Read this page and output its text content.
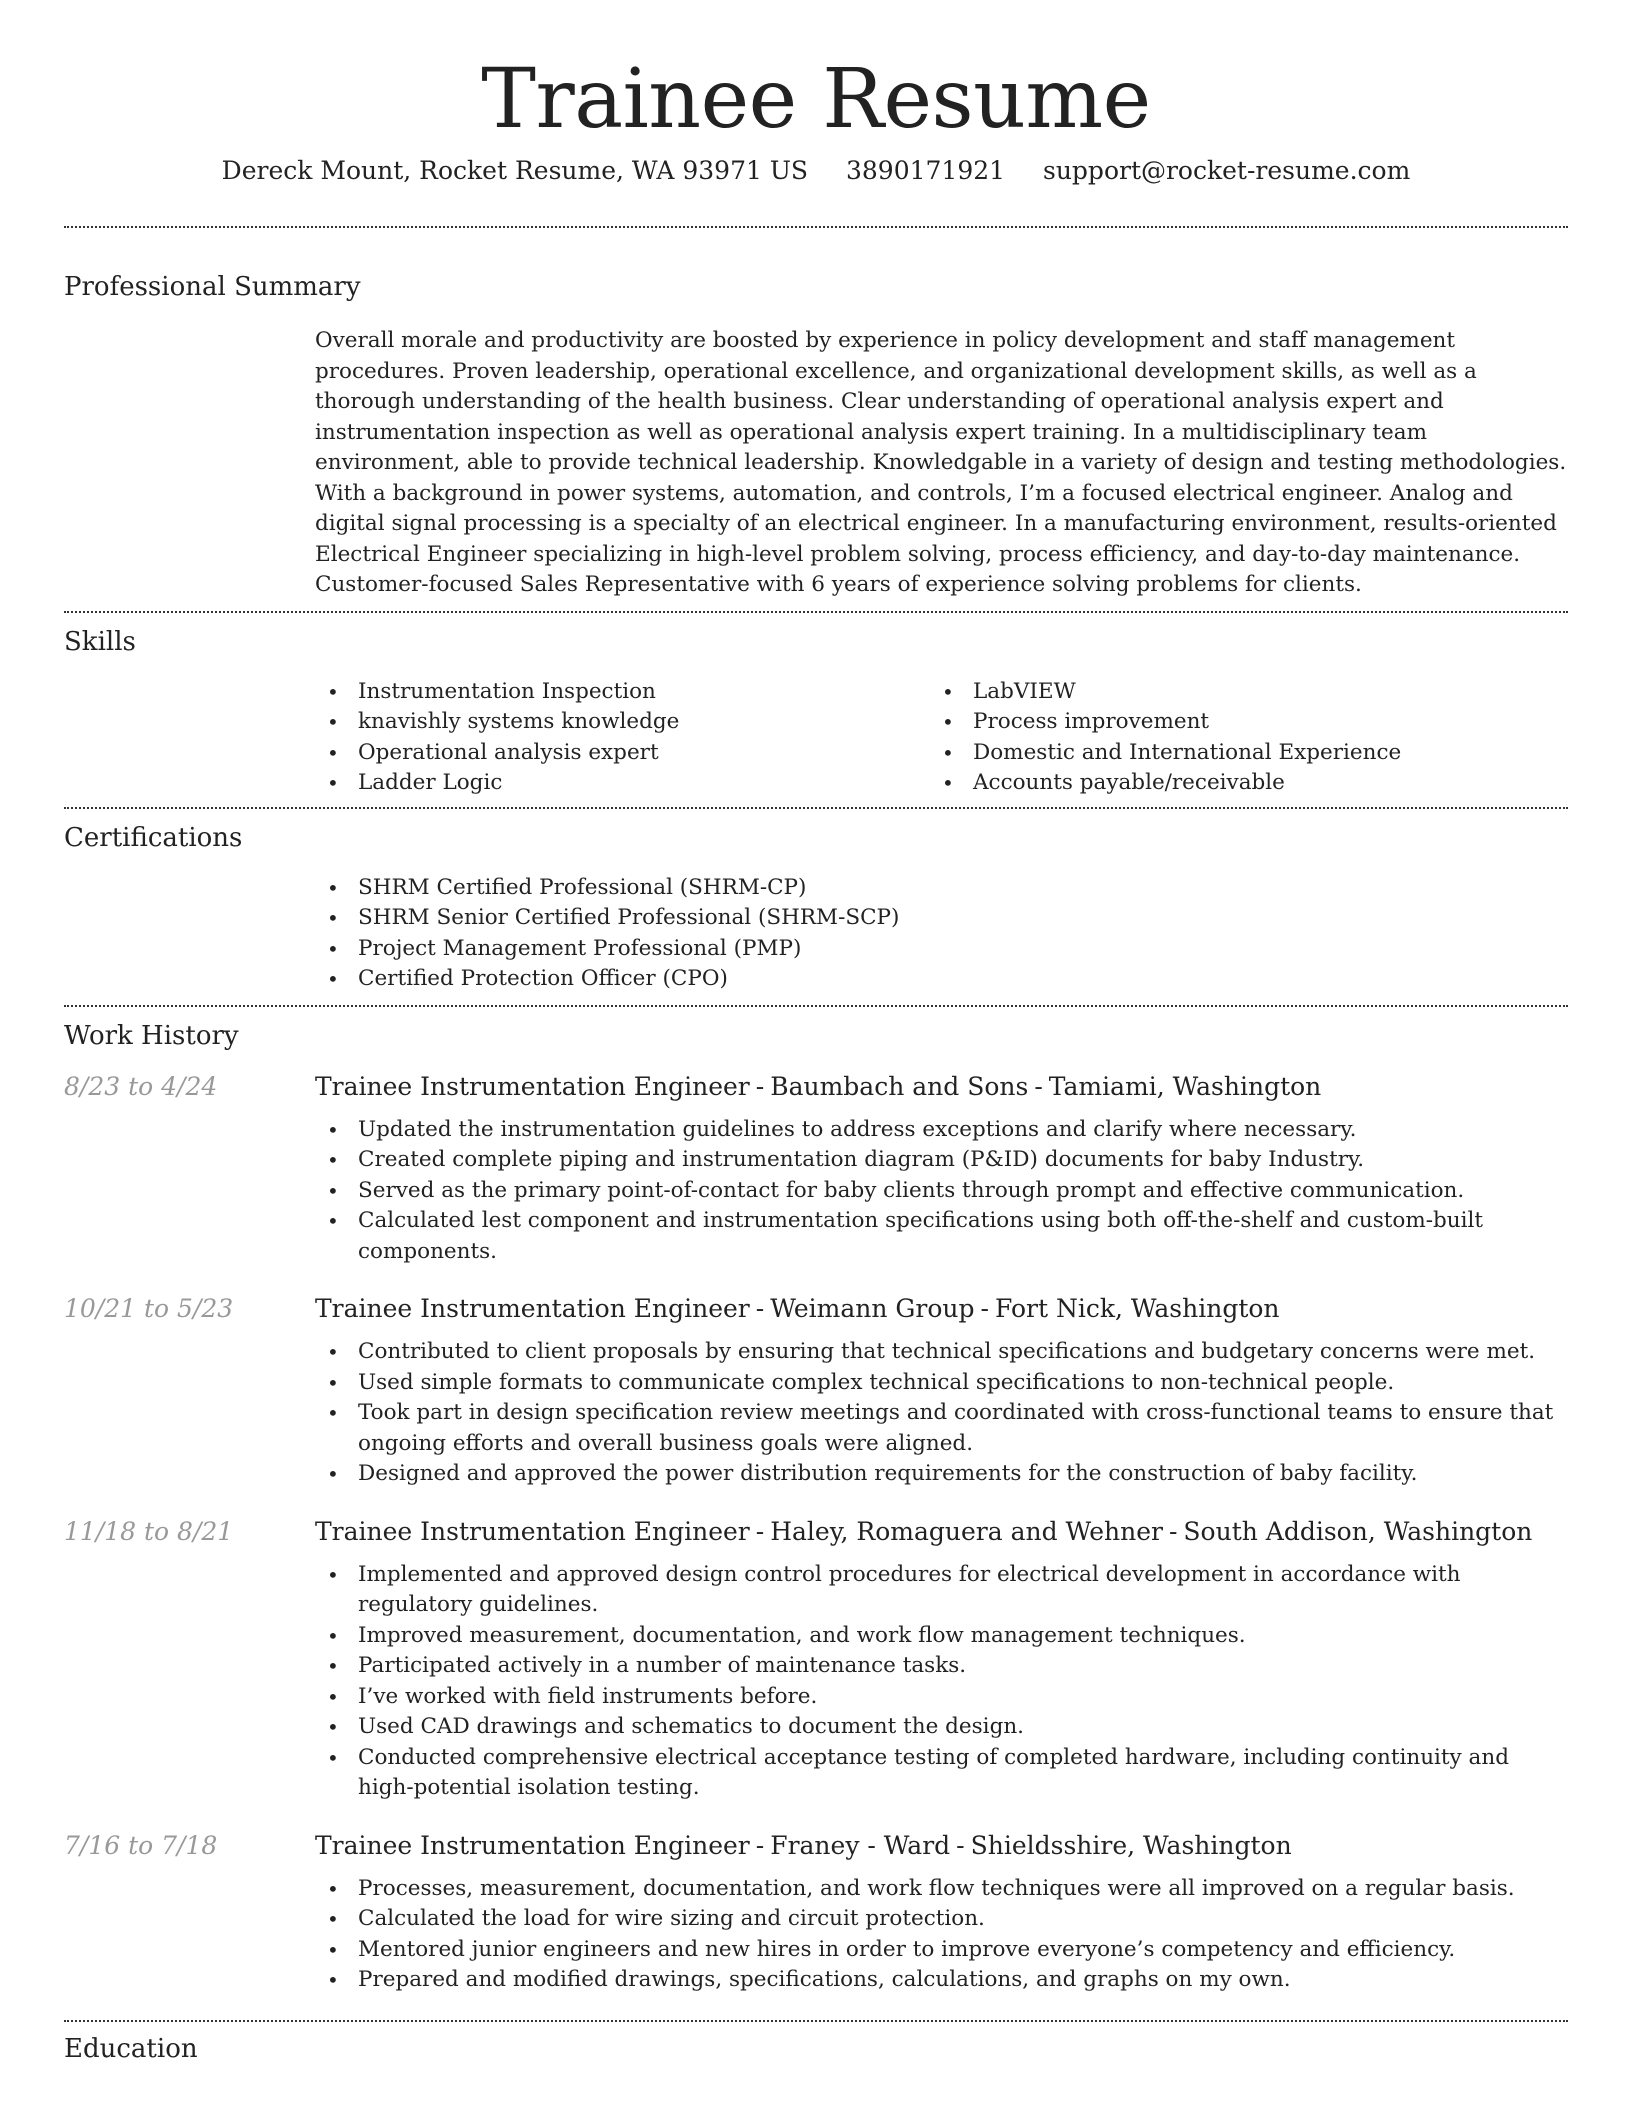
Trainee Resume
Dereck Mount, Rocket Resume, WA 93971 US 3890171921 support@rocket-resume.com
Professional Summary

Overall morale and productivity are boosted by experience in policy development and staff management procedures. Proven leadership, operational excellence, and organizational development skills, as well as a thorough understanding of the health business. Clear understanding of operational analysis expert and instrumentation inspection as well as operational analysis expert training. In a multidisciplinary team environment, able to provide technical leadership. Knowledgable in a variety of design and testing methodologies. With a background in power systems, automation, and controls, I’m a focused electrical engineer. Analog and digital signal processing is a specialty of an electrical engineer. In a manufacturing environment, results-oriented Electrical Engineer specializing in high-level problem solving, process efficiency, and day-to-day maintenance. Customer-focused Sales Representative with 6 years of experience solving problems for clients.

Skills
• Instrumentation Inspection
• knavishly systems knowledge
• Operational analysis expert
• Ladder Logic
• LabVIEW
• Process improvement
• Domestic and International Experience
• Accounts payable/receivable
Certifications
• SHRM Certified Professional (SHRM-CP)
• SHRM Senior Certified Professional (SHRM-SCP)
• Project Management Professional (PMP)
• Certified Protection Officer (CPO)
Work History
8/23 to 4/24	Trainee Instrumentation Engineer - Baumbach and Sons - Tamiami, Washington
• Updated the instrumentation guidelines to address exceptions and clarify where necessary.
• Created complete piping and instrumentation diagram (P&ID) documents for baby Industry.
• Served as the primary point-of-contact for baby clients through prompt and effective communication.
• Calculated lest component and instrumentation specifications using both off-the-shelf and custom-built components.
10/21 to 5/23	Trainee Instrumentation Engineer - Weimann Group - Fort Nick, Washington
• Contributed to client proposals by ensuring that technical specifications and budgetary concerns were met.
• Used simple formats to communicate complex technical specifications to non-technical people.
• Took part in design specification review meetings and coordinated with cross-functional teams to ensure that ongoing efforts and overall business goals were aligned.
• Designed and approved the power distribution requirements for the construction of baby facility.
11/18 to 8/21	Trainee Instrumentation Engineer - Haley, Romaguera and Wehner - South Addison, Washington
• Implemented and approved design control procedures for electrical development in accordance with regulatory guidelines.
• Improved measurement, documentation, and work flow management techniques.
• Participated actively in a number of maintenance tasks.
• I’ve worked with field instruments before.
• Used CAD drawings and schematics to document the design.
• Conducted comprehensive electrical acceptance testing of completed hardware, including continuity and high-potential isolation testing.
7/16 to 7/18	Trainee Instrumentation Engineer - Franey - Ward - Shieldsshire, Washington
• Processes, measurement, documentation, and work flow techniques were all improved on a regular basis.
• Calculated the load for wire sizing and circuit protection.
• Mentored junior engineers and new hires in order to improve everyone’s competency and efficiency.
• Prepared and modified drawings, specifications, calculations, and graphs on my own.
Education
